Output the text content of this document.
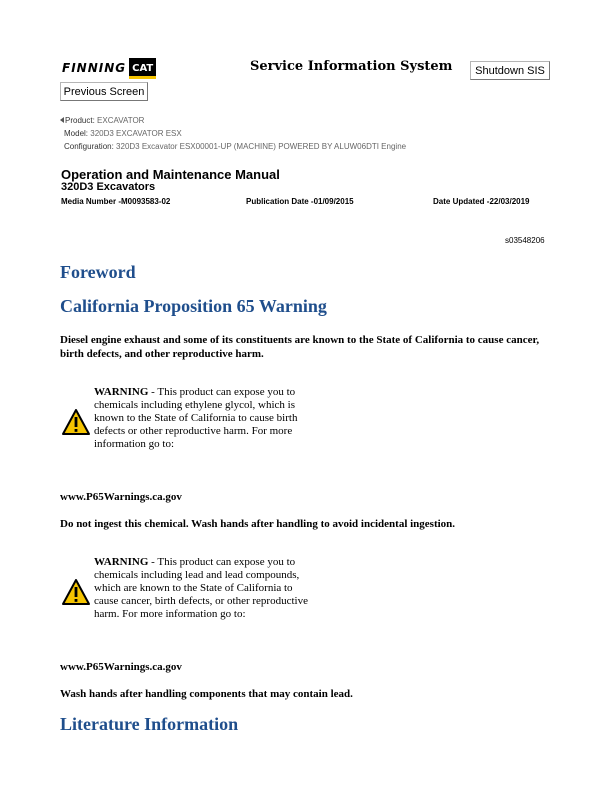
FINNING CAT	Service Information System	Shutdown SIS
Previous Screen
Product: EXCAVATOR
Model: 320D3 EXCAVATOR ESX
Configuration: 320D3 Excavator ESX00001-UP (MACHINE) POWERED BY ALUW06DTI Engine
Operation and Maintenance Manual
320D3 Excavators
Media Number -M0093583-02	Publication Date -01/09/2015	Date Updated -22/03/2019
s03548206
Foreword
California Proposition 65 Warning
Diesel engine exhaust and some of its constituents are known to the State of California to cause cancer, birth defects, and other reproductive harm.
WARNING - This product can expose you to chemicals including ethylene glycol, which is known to the State of California to cause birth defects or other reproductive harm. For more information go to:
www.P65Warnings.ca.gov
Do not ingest this chemical. Wash hands after handling to avoid incidental ingestion.
WARNING - This product can expose you to chemicals including lead and lead compounds, which are known to the State of California to cause cancer, birth defects, or other reproductive harm. For more information go to:
www.P65Warnings.ca.gov
Wash hands after handling components that may contain lead.
Literature Information
